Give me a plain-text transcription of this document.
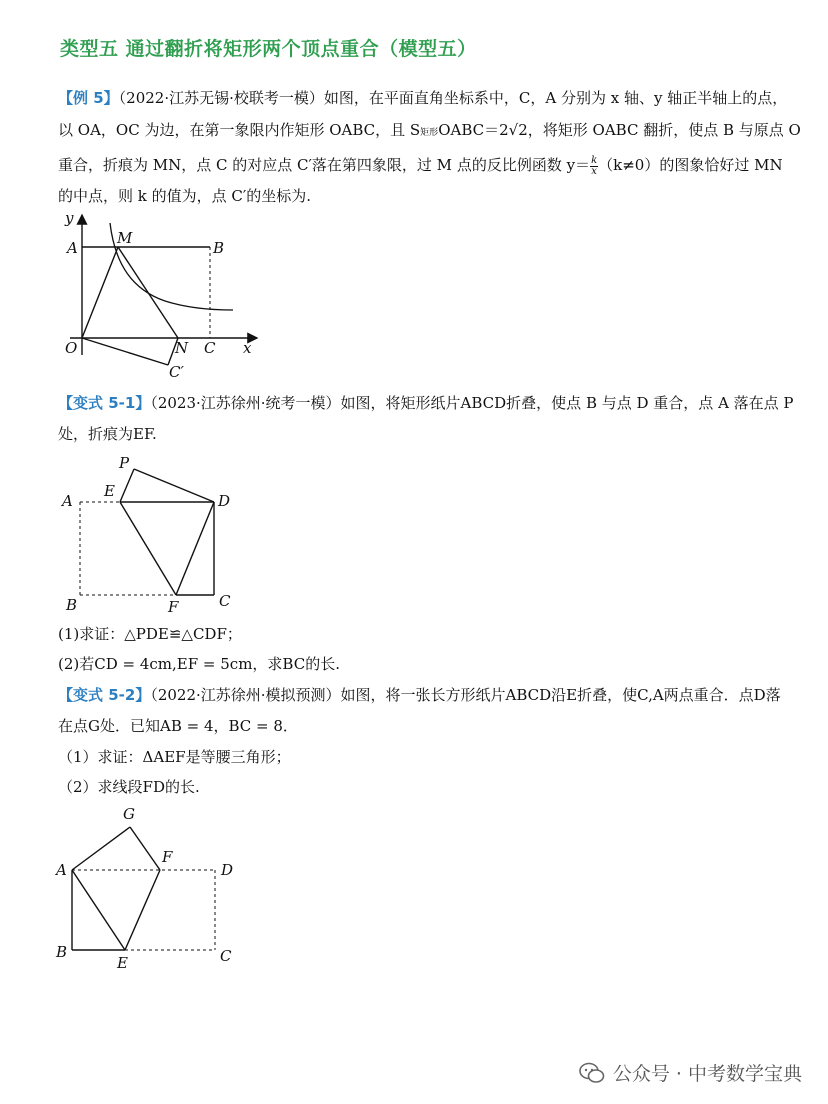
类型五 通过翻折将矩形两个顶点重合（模型五）
【例 5】（2022·江苏无锡·校联考一模）如图，在平面直角坐标系中，C，A 分别为 x 轴、y 轴正半轴上的点，
以 OA，OC 为边，在第一象限内作矩形 OABC，且 S矩形OABC＝2√2，将矩形 OABC 翻折，使点 B 与原点 O
重合，折痕为 MN，点 C 的对应点 C′落在第四象限，过 M 点的反比例函数 $y= \frac{k}{x} (k\ne 0)$的图象恰好过 MN
的中点，则 k 的值为，点 C′的坐标为.
y
A
M
B
O	N C x
C′
【变式 5-1】（2023·江苏徐州·统考一模）如图，将矩形纸片ABCD折叠，使点 B 与点 D 重合，点 A 落在点 P
处，折痕为EF.
P
A
E
D
B	F	C
(1)求证：△PDE≌△CDF；
(2)若CD = 4cm,EF = 5cm，求BC的长.
【变式 5-2】（2022·江苏徐州·模拟预测）如图，将一张长方形纸片ABCD沿E折叠，使C,A两点重合．点D落
在点G处．已知AB = 4，BC = 8．
（1）求证：ΔAEF是等腰三角形；
（2）求线段FD的长.
G
A
F
D
B
E	C
公众号 · 中考数学宝典
